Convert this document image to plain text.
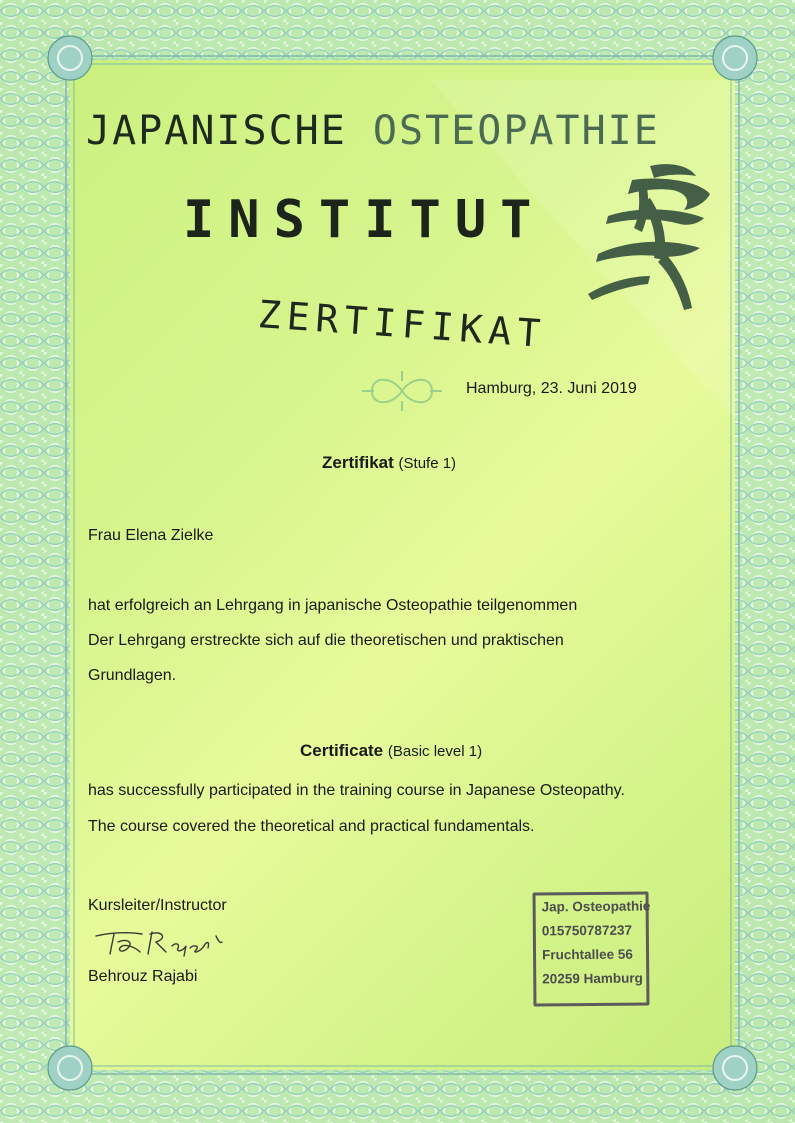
JAPANISCHE OSTEOPATHIE
INSTITUT
ZERTIFIKAT
Hamburg, 23. Juni 2019
Zertifikat (Stufe 1)
Frau Elena Zielke
hat erfolgreich an Lehrgang in japanische Osteopathie teilgenommen
Der Lehrgang erstreckte sich auf die theoretischen und praktischen
Grundlagen.
Certificate (Basic level 1)
has successfully participated in the training course in Japanese Osteopathy.
The course covered the theoretical and practical fundamentals.
Kursleiter/Instructor
Behrouz Rajabi
Jap. Osteopathie
015750787237
Fruchtallee 56
20259 Hamburg
